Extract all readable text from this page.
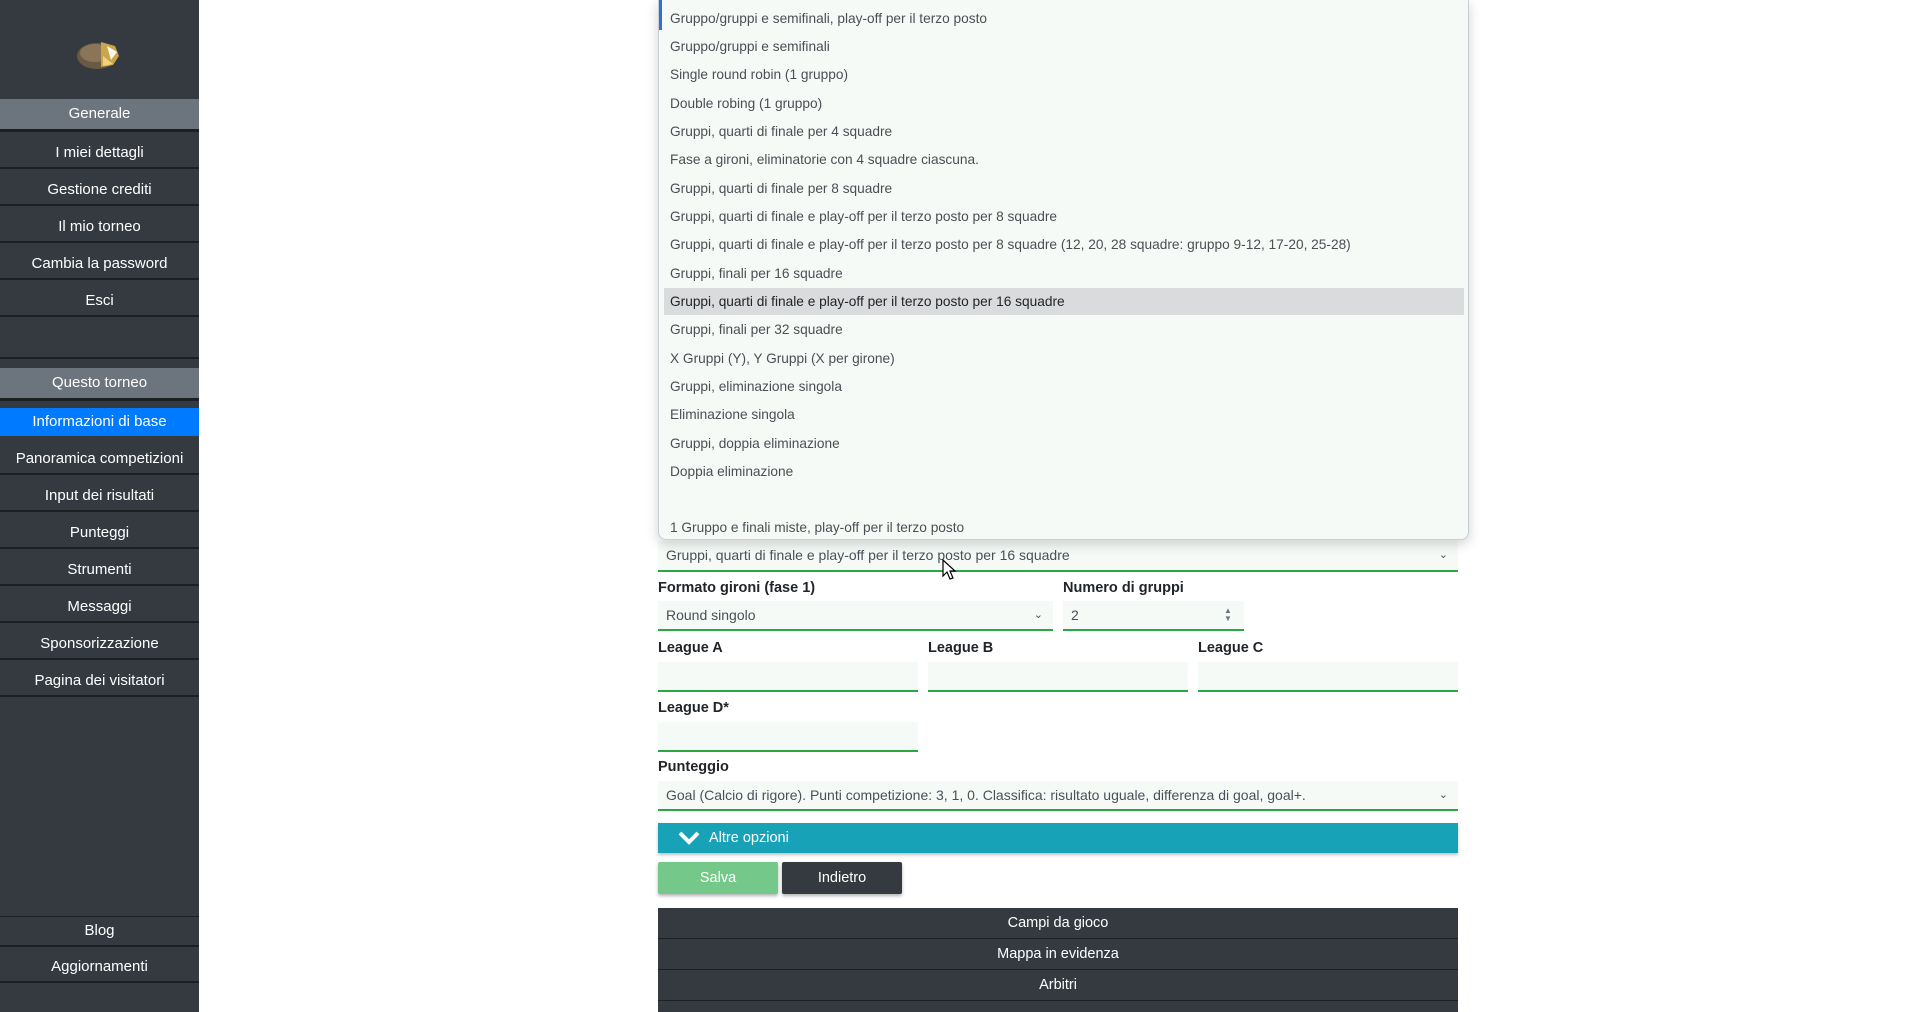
Generale
I miei dettagli
Gestione crediti
Il mio torneo
Cambia la password
Esci
Questo torneo
Informazioni di base
Panoramica competizioni
Input dei risultati
Punteggi
Strumenti
Messaggi
Sponsorizzazione
Pagina dei visitatori
Blog
Aggiornamenti
Gruppi, quarti di finale e play-off per il terzo posto per 16 squadre	⌄
Formato gironi (fase 1)	Numero di gruppi
Round singolo	⌄	2	▲
▼
League A	League B	League C
League D*
Punteggio
Goal (Calcio di rigore). Punti competizione: 3, 1, 0. Classifica: risultato uguale, differenza di goal, goal+.	⌄
Altre opzioni
Salva	Indietro
Campi da gioco
Mappa in evidenza
Arbitri
Gruppo/gruppi e semifinali, play-off per il terzo posto
Gruppo/gruppi e semifinali
Single round robin (1 gruppo)
Double robing (1 gruppo)
Gruppi, quarti di finale per 4 squadre
Fase a gironi, eliminatorie con 4 squadre ciascuna.
Gruppi, quarti di finale per 8 squadre
Gruppi, quarti di finale e play-off per il terzo posto per 8 squadre
Gruppi, quarti di finale e play-off per il terzo posto per 8 squadre (12, 20, 28 squadre: gruppo 9-12, 17-20, 25-28)
Gruppi, finali per 16 squadre
Gruppi, quarti di finale e play-off per il terzo posto per 16 squadre
Gruppi, finali per 32 squadre
X Gruppi (Y), Y Gruppi (X per girone)
Gruppi, eliminazione singola
Eliminazione singola
Gruppi, doppia eliminazione
Doppia eliminazione
1 Gruppo e finali miste, play-off per il terzo posto
